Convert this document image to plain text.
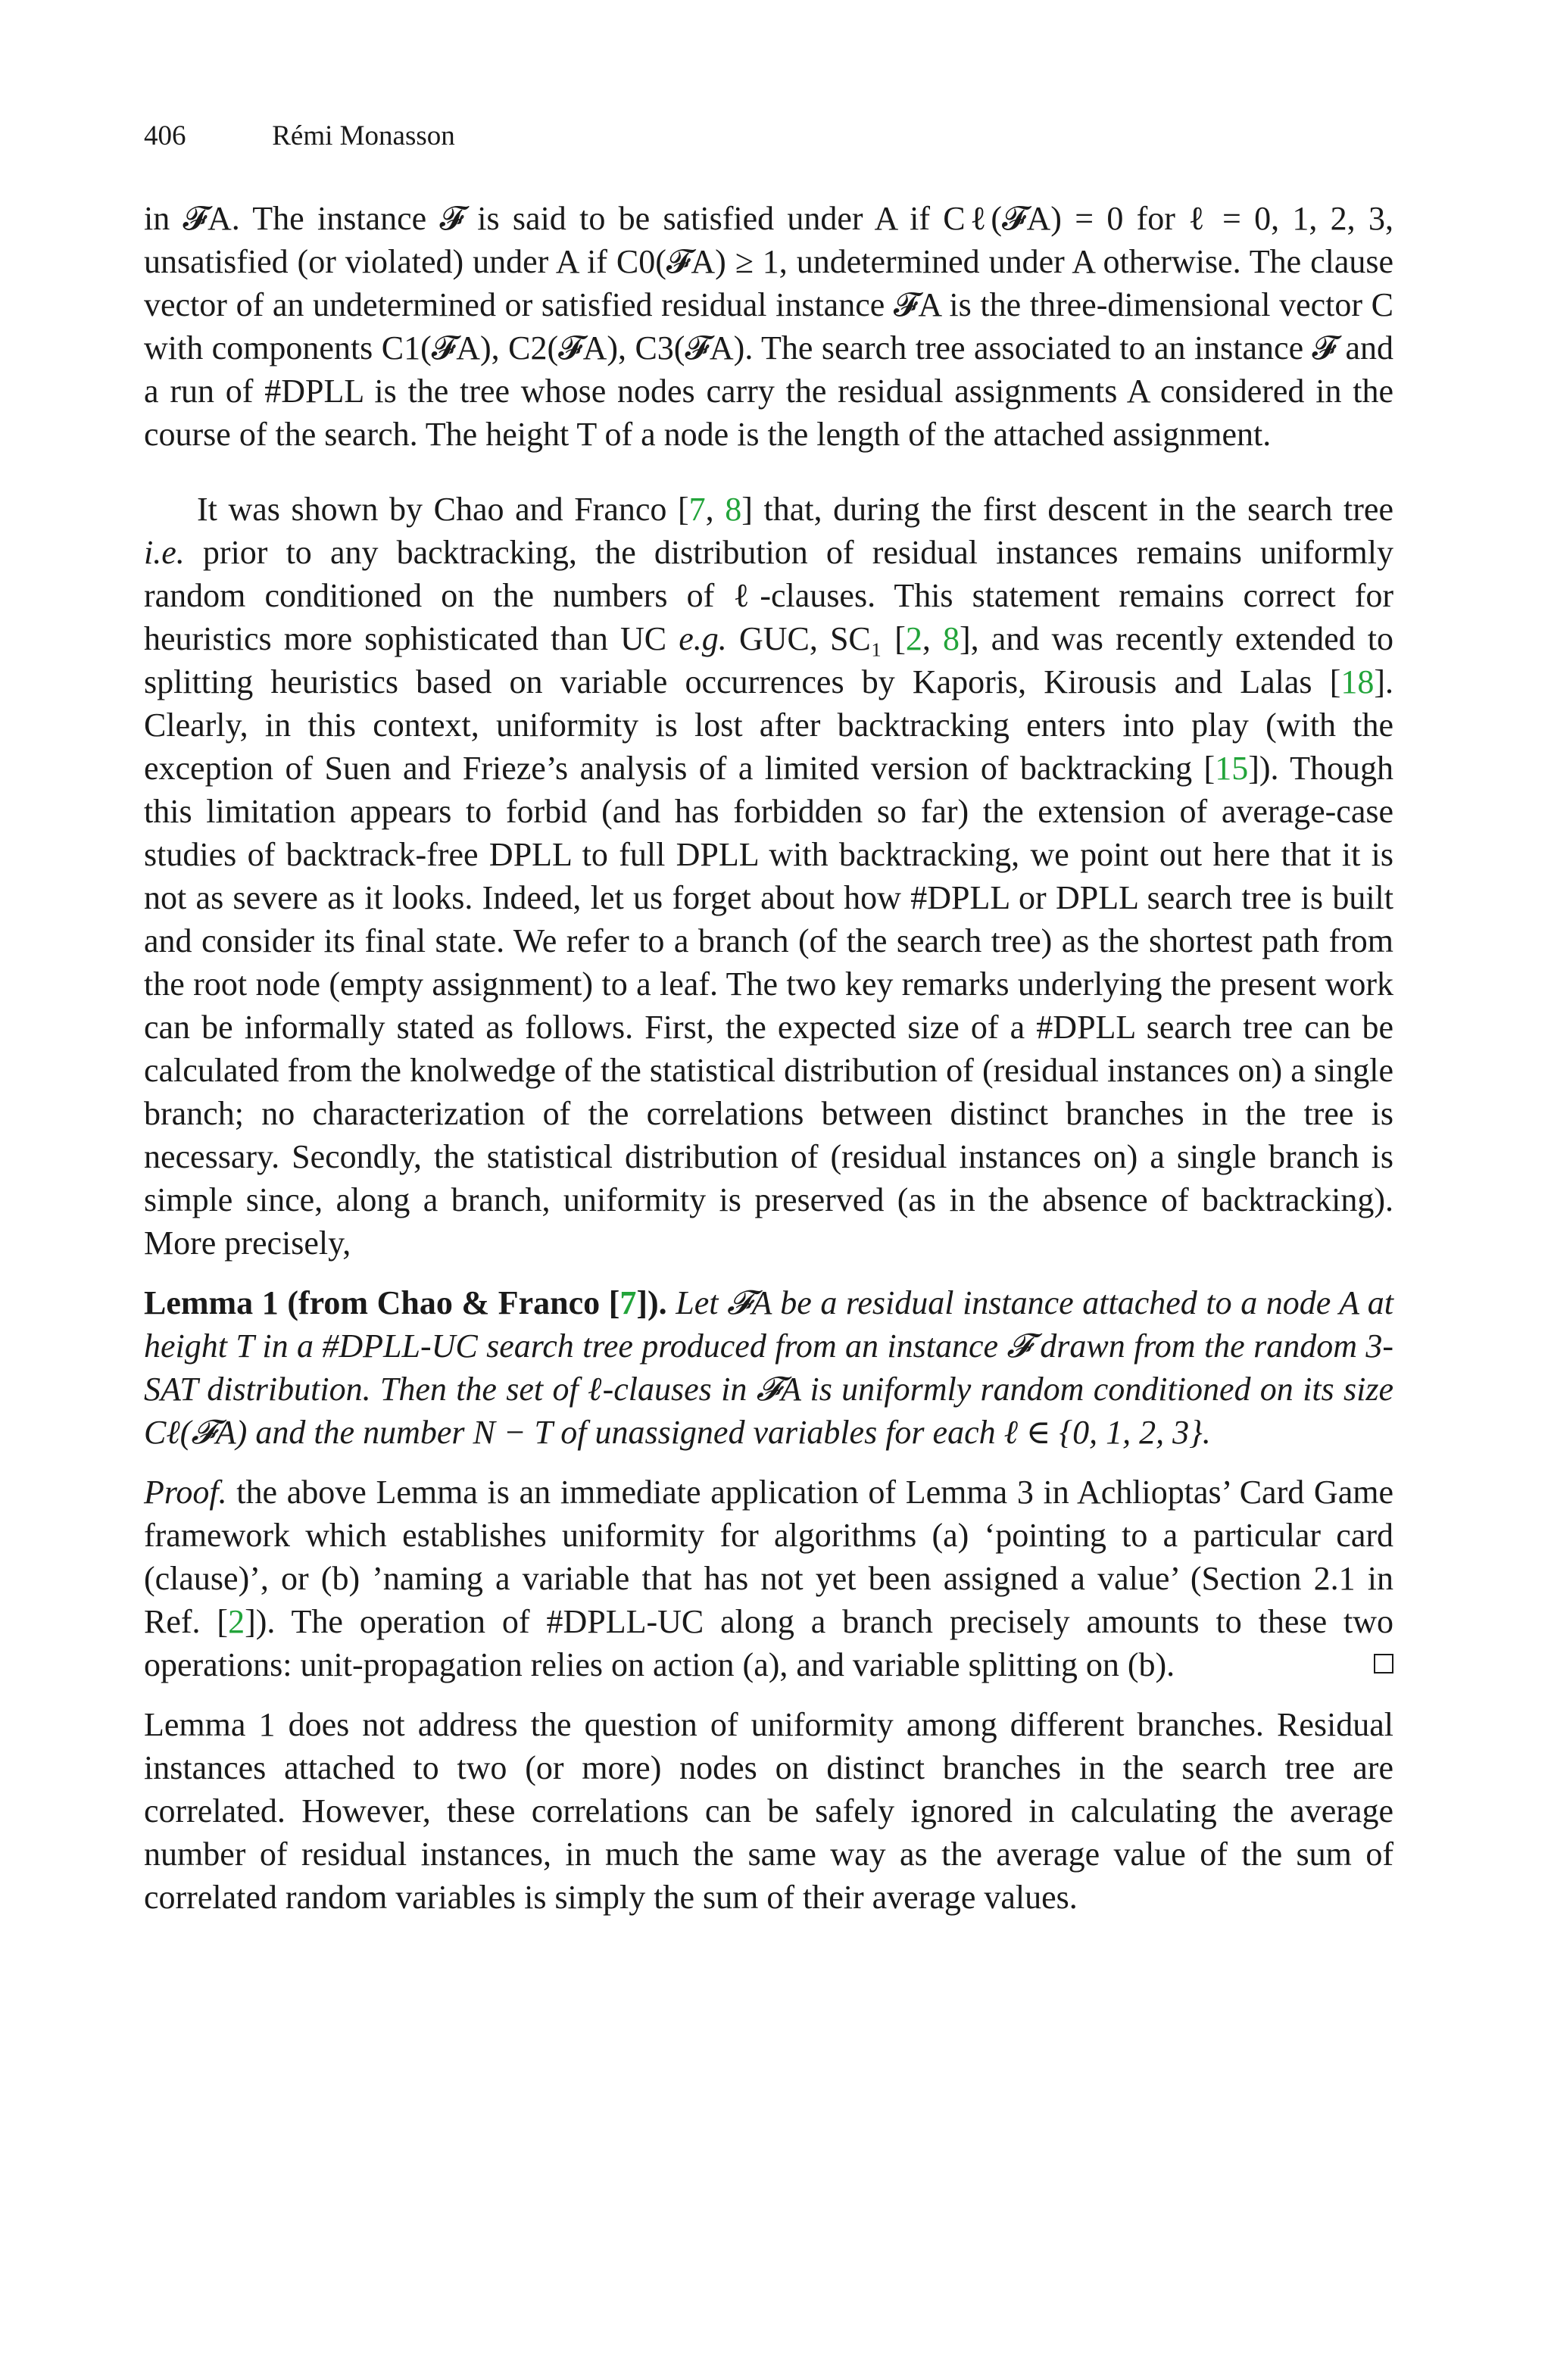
406	Rémi Monasson

in 𝓕A. The instance 𝓕 is said to be satisfied under A if Cℓ(𝓕A) = 0 for ℓ = 0, 1, 2, 3, unsatisfied (or violated) under A if C0(𝓕A) ≥ 1, undetermined under A otherwise. The clause vector of an undetermined or satisfied residual instance 𝓕A is the three-dimensional vector C with components C1(𝓕A), C2(𝓕A), C3(𝓕A). The search tree associated to an instance 𝓕 and a run of #DPLL is the tree whose nodes carry the residual assignments A considered in the course of the search. The height T of a node is the length of the attached assignment.

It was shown by Chao and Franco [7, 8] that, during the first descent in the search tree i.e. prior to any backtracking, the distribution of residual instances remains uniformly random conditioned on the numbers of ℓ-clauses. This statement remains correct for heuristics more sophisticated than UC e.g. GUC, SC₁ [2, 8], and was recently extended to splitting heuristics based on variable occurrences by Kaporis, Kirousis and Lalas [18]. Clearly, in this context, uniformity is lost after backtracking enters into play (with the exception of Suen and Frieze’s analysis of a limited version of backtracking [15]). Though this limitation appears to forbid (and has forbidden so far) the extension of average-case studies of backtrack-free DPLL to full DPLL with backtracking, we point out here that it is not as severe as it looks. Indeed, let us forget about how #DPLL or DPLL search tree is built and consider its final state. We refer to a branch (of the search tree) as the shortest path from the root node (empty assignment) to a leaf. The two key remarks underlying the present work can be informally stated as follows. First, the expected size of a #DPLL search tree can be calculated from the knolwedge of the statistical distribution of (residual instances on) a single branch; no characterization of the correlations between distinct branches in the tree is necessary. Secondly, the statistical distribution of (residual instances on) a single branch is simple since, along a branch, uniformity is preserved (as in the absence of backtracking). More precisely,

Lemma 1 (from Chao & Franco [7]). Let 𝓕A be a residual instance attached to a node A at height T in a #DPLL-UC search tree produced from an instance 𝓕 drawn from the random 3-SAT distribution. Then the set of ℓ-clauses in 𝓕A is uniformly random conditioned on its size Cℓ(𝓕A) and the number N − T of unassigned variables for each ℓ ∈ {0, 1, 2, 3}.

Proof. the above Lemma is an immediate application of Lemma 3 in Achlioptas’ Card Game framework which establishes uniformity for algorithms (a) ‘pointing to a particular card (clause)’, or (b) ’naming a variable that has not yet been assigned a value’ (Section 2.1 in Ref. [2]). The operation of #DPLL-UC along a branch precisely amounts to these two operations: unit-propagation relies on action (a), and variable splitting on (b).

Lemma 1 does not address the question of uniformity among different branches. Residual instances attached to two (or more) nodes on distinct branches in the search tree are correlated. However, these correlations can be safely ignored in calculating the average number of residual instances, in much the same way as the average value of the sum of correlated random variables is simply the sum of their average values.
